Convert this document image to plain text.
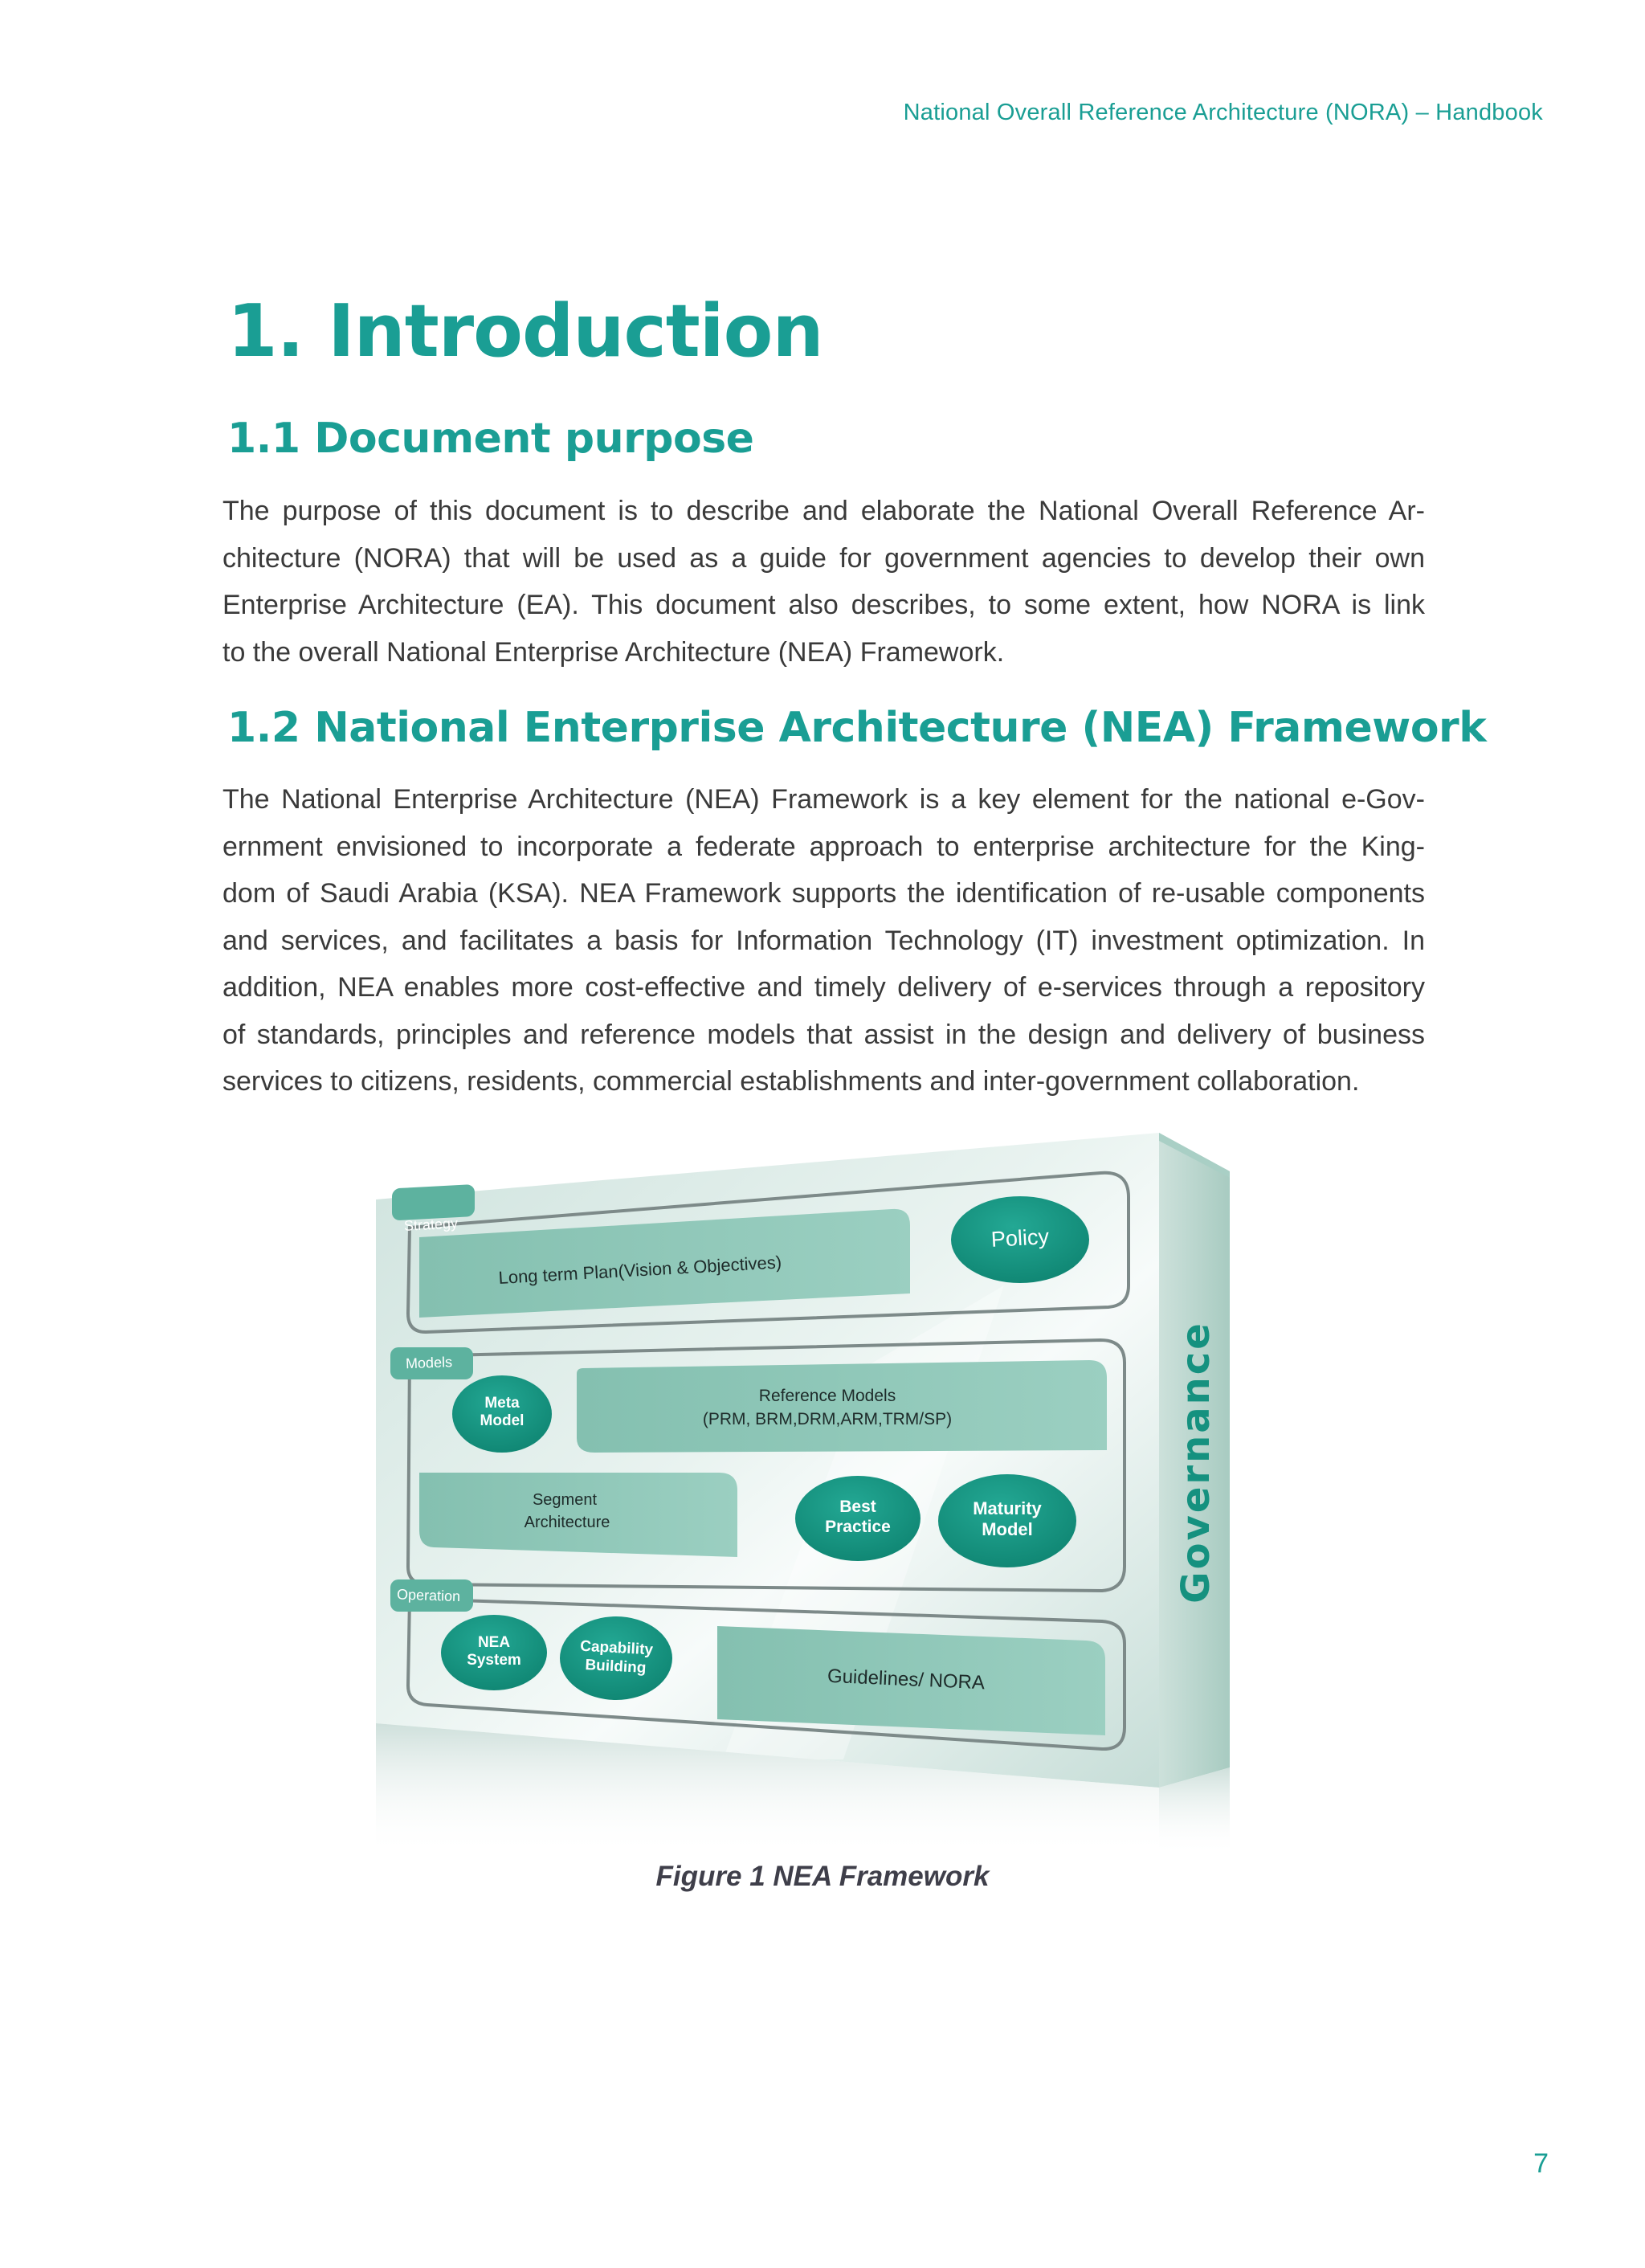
National Overall Reference Architecture (NORA) – Handbook
1. Introduction
1.1 Document purpose

The purpose of this document is to describe and elaborate the National Overall Reference Ar-
chitecture (NORA) that will be used as a guide for government agencies to develop their own
Enterprise Architecture (EA). This document also describes, to some extent, how NORA is link
to the overall National Enterprise Architecture (NEA) Framework.

1.2 National Enterprise Architecture (NEA) Framework

The National Enterprise Architecture (NEA) Framework is a key element for the national e-Gov-
ernment envisioned to incorporate a federate approach to enterprise architecture for the King-
dom of Saudi Arabia (KSA). NEA Framework supports the identification of re-usable components
and services, and facilitates a basis for Information Technology (IT) investment optimization. In
addition, NEA enables more cost-effective and timely delivery of e-services through a repository
of standards, principles and reference models that assist in the design and delivery of business
services to citizens, residents, commercial establishments and inter-government collaboration.

Strategy
Long term Plan(Vision & Objectives)
Policy
Models
Meta
Model
Reference Models
(PRM, BRM,DRM,ARM,TRM/SP)
Segment
Architecture
Best
Practice
Maturity
Model
Operation
NEA
System
Capability
Building	Guidelines/ NORA
Governance
Figure 1 NEA Framework
7
